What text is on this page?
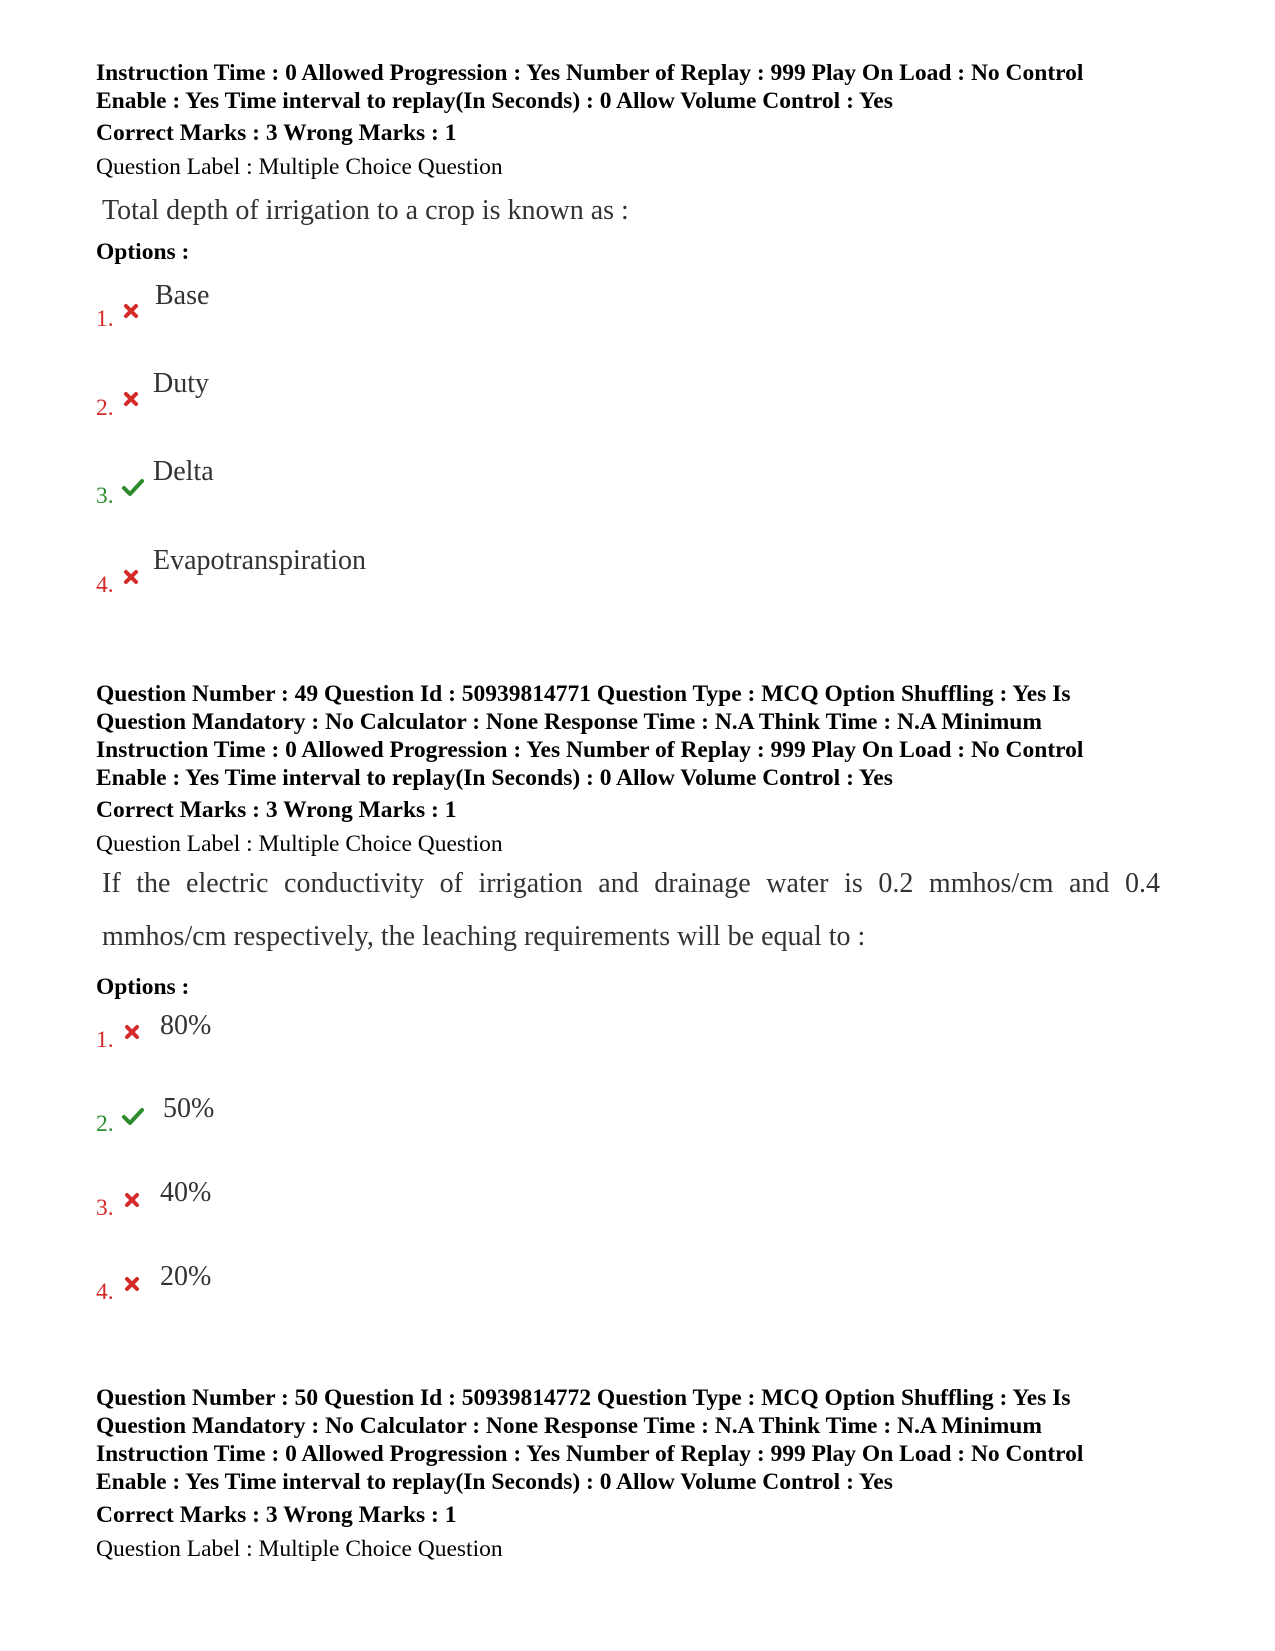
Instruction Time : 0 Allowed Progression : Yes Number of Replay : 999 Play On Load : No Control
Enable : Yes Time interval to replay(In Seconds) : 0 Allow Volume Control : Yes
Correct Marks : 3 Wrong Marks : 1
Question Label : Multiple Choice Question
Total depth of irrigation to a crop is known as :
Options :
1.
Base
2.
Duty
3.
Delta
4.
Evapotranspiration
Question Number : 49 Question Id : 50939814771 Question Type : MCQ Option Shuffling : Yes Is
Question Mandatory : No Calculator : None Response Time : N.A Think Time : N.A Minimum
Instruction Time : 0 Allowed Progression : Yes Number of Replay : 999 Play On Load : No Control
Enable : Yes Time interval to replay(In Seconds) : 0 Allow Volume Control : Yes
Correct Marks : 3 Wrong Marks : 1
Question Label : Multiple Choice Question
If the electric conductivity of irrigation and drainage water is 0.2 mmhos/cm and 0.4
mmhos/cm respectively, the leaching requirements will be equal to :
Options :
1. 80%
2. 50%
3. 40%
4. 20%
Question Number : 50 Question Id : 50939814772 Question Type : MCQ Option Shuffling : Yes Is
Question Mandatory : No Calculator : None Response Time : N.A Think Time : N.A Minimum
Instruction Time : 0 Allowed Progression : Yes Number of Replay : 999 Play On Load : No Control
Enable : Yes Time interval to replay(In Seconds) : 0 Allow Volume Control : Yes
Correct Marks : 3 Wrong Marks : 1
Question Label : Multiple Choice Question
